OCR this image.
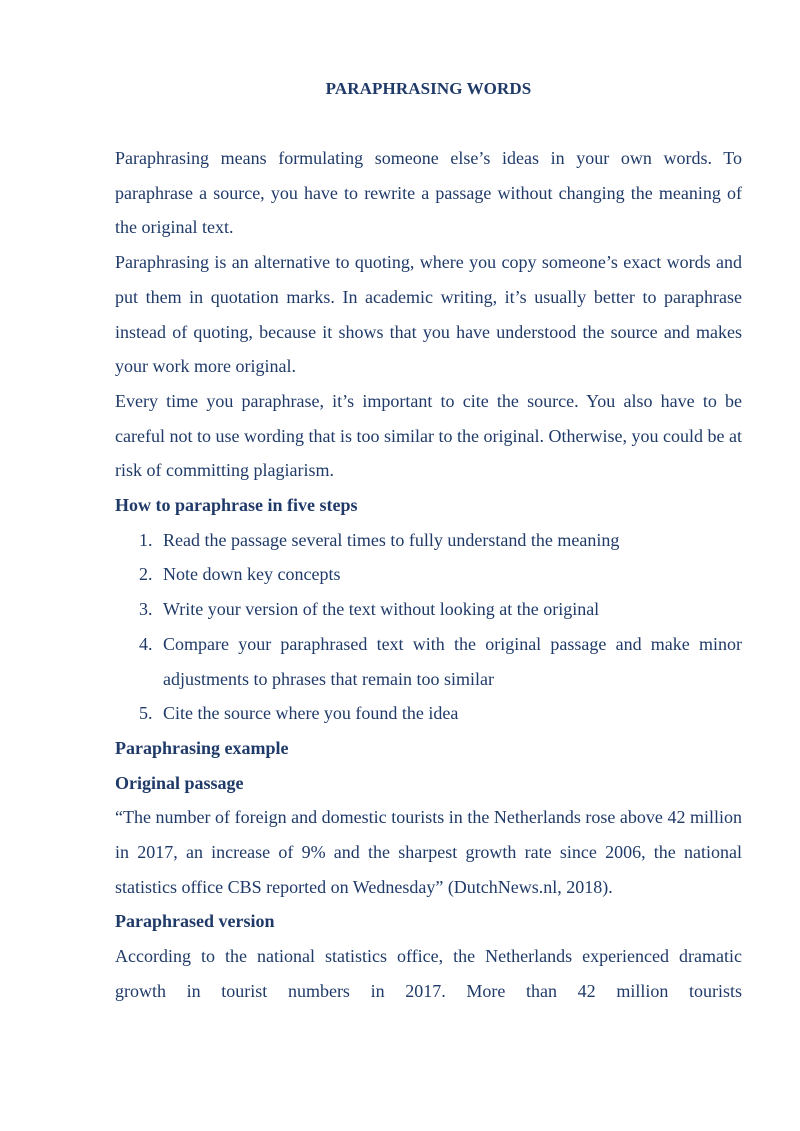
PARAPHRASING WORDS

Paraphrasing means formulating someone else’s ideas in your own words. To paraphrase a source, you have to rewrite a passage without changing the meaning of the original text.

Paraphrasing is an alternative to quoting, where you copy someone’s exact words and put them in quotation marks. In academic writing, it’s usually better to paraphrase instead of quoting, because it shows that you have understood the source and makes your work more original.

Every time you paraphrase, it’s important to cite the source. You also have to be careful not to use wording that is too similar to the original. Otherwise, you could be at risk of committing plagiarism.

How to paraphrase in five steps
1. Read the passage several times to fully understand the meaning
2. Note down key concepts
3. Write your version of the text without looking at the original
4. Compare your paraphrased text with the original passage and make minor adjustments to phrases that remain too similar
5. Cite the source where you found the idea
Paraphrasing example
Original passage

“The number of foreign and domestic tourists in the Netherlands rose above 42 million in 2017, an increase of 9% and the sharpest growth rate since 2006, the national statistics office CBS reported on Wednesday” (DutchNews.nl, 2018).

Paraphrased version

According to the national statistics office, the Netherlands experienced dramatic growth in tourist numbers in 2017. More than 42 million tourists
